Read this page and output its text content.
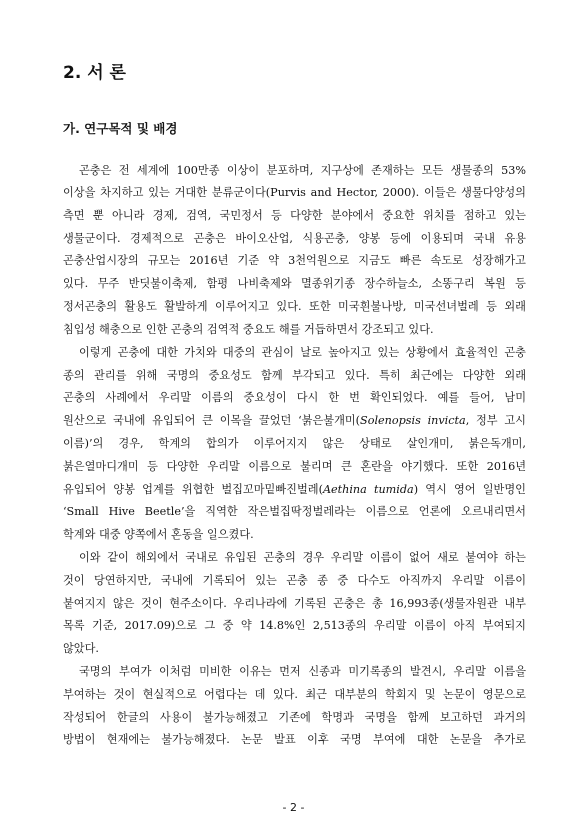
2. 서 론
가. 연구목적 및 배경
곤충은 전 세계에 100만종 이상이 분포하며, 지구상에 존재하는 모든 생물종의 53%
이상을 차지하고 있는 거대한 분류군이다(Purvis and Hector, 2000). 이들은 생물다양성의
측면 뿐 아니라 경제, 검역, 국민정서 등 다양한 분야에서 중요한 위치를 점하고 있는
생물군이다. 경제적으로 곤충은 바이오산업, 식용곤충, 양봉 등에 이용되며 국내 유용
곤충산업시장의 규모는 2016년 기준 약 3천억원으로 지금도 빠른 속도로 성장해가고
있다. 무주 반딧불이축제, 함평 나비축제와 멸종위기종 장수하늘소, 소똥구리 복원 등
정서곤충의 활용도 활발하게 이루어지고 있다. 또한 미국흰불나방, 미국선녀벌레 등 외래
침입성 해충으로 인한 곤충의 검역적 중요도 해를 거듭하면서 강조되고 있다.
이렇게 곤충에 대한 가치와 대중의 관심이 날로 높아지고 있는 상황에서 효율적인 곤충
종의 관리를 위해 국명의 중요성도 함께 부각되고 있다. 특히 최근에는 다양한 외래
곤충의 사례에서 우리말 이름의 중요성이 다시 한 번 확인되었다. 예를 들어, 남미
원산으로 국내에 유입되어 큰 이목을 끌었던 ‘붉은불개미(Solenopsis invicta, 정부 고시
이름)’의 경우, 학계의 합의가 이루어지지 않은 상태로 살인개미, 붉은독개미,
붉은열마디개미 등 다양한 우리말 이름으로 불리며 큰 혼란을 야기했다. 또한 2016년
유입되어 양봉 업계를 위협한 벌집꼬마밑빠진벌레(Aethina tumida) 역시 영어 일반명인
‘Small Hive Beetle’을 직역한 작은벌집딱정벌레라는 이름으로 언론에 오르내리면서
학계와 대중 양쪽에서 혼동을 일으켰다.
이와 같이 해외에서 국내로 유입된 곤충의 경우 우리말 이름이 없어 새로 붙여야 하는
것이 당연하지만, 국내에 기록되어 있는 곤충 종 중 다수도 아직까지 우리말 이름이
붙여지지 않은 것이 현주소이다. 우리나라에 기록된 곤충은 총 16,993종(생물자원관 내부
목록 기준, 2017.09)으로 그 중 약 14.8%인 2,513종의 우리말 이름이 아직 부여되지
않았다.
국명의 부여가 이처럼 미비한 이유는 먼저 신종과 미기록종의 발견시, 우리말 이름을
부여하는 것이 현실적으로 어렵다는 데 있다. 최근 대부분의 학회지 및 논문이 영문으로
작성되어 한글의 사용이 불가능해졌고 기존에 학명과 국명을 함께 보고하던 과거의
방법이 현재에는 불가능해졌다. 논문 발표 이후 국명 부여에 대한 논문을 추가로
- 2 -
